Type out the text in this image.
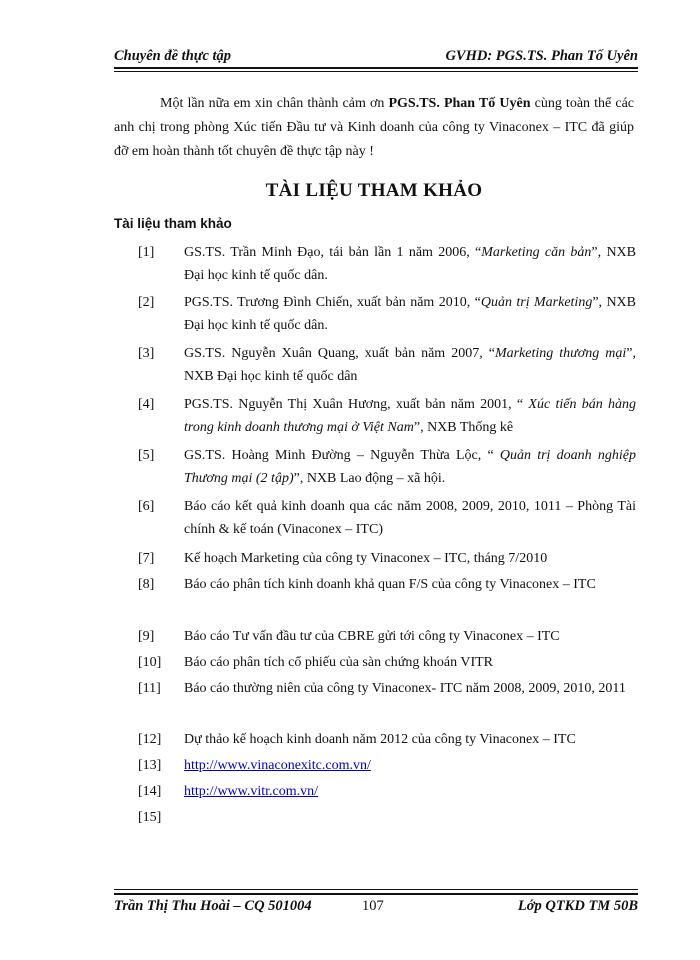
Chuyên đề thực tập	GVHD: PGS.TS. Phan Tố Uyên
Một lần nữa em xin chân thành cảm ơn PGS.TS. Phan Tố Uyên cùng toàn thể các anh chị trong phòng Xúc tiến Đầu tư và Kinh doanh của công ty Vinaconex – ITC đã giúp đỡ em hoàn thành tốt chuyên đề thực tập này !
TÀI LIỆU THAM KHẢO
Tài liệu tham khảo
[1]	GS.TS. Trần Minh Đạo, tái bản lần 1 năm 2006, “Marketing căn bản”, NXB Đại học kinh tế quốc dân.
[2]	PGS.TS. Trương Đình Chiến, xuất bản năm 2010, “Quản trị Marketing”, NXB Đại học kinh tế quốc dân.
[3]	GS.TS. Nguyễn Xuân Quang, xuất bản năm 2007, “Marketing thương mại”, NXB Đại học kinh tế quốc dân
[4]	PGS.TS. Nguyễn Thị Xuân Hương, xuất bản năm 2001, “ Xúc tiến bán hàng trong kinh doanh thương mại ở Việt Nam”, NXB Thống kê
[5]	GS.TS. Hoàng Minh Đường – Nguyễn Thừa Lộc, “ Quản trị doanh nghiệp Thương mại (2 tập)”, NXB Lao động – xã hội.
[6]	Báo cáo kết quả kinh doanh qua các năm 2008, 2009, 2010, 1011 – Phòng Tài chính & kế toán (Vinaconex – ITC)
[7]	Kế hoạch Marketing của công ty Vinaconex – ITC, tháng 7/2010
[8]	Báo cáo phân tích kinh doanh khả quan F/S của công ty Vinaconex – ITC
[9]	Báo cáo Tư vấn đầu tư của CBRE gửi tới công ty Vinaconex – ITC
[10]	Báo cáo phân tích cổ phiếu của sàn chứng khoán VITR
[11]	Báo cáo thường niên của công ty Vinaconex- ITC năm 2008, 2009, 2010, 2011
[12]	Dự thảo kế hoạch kinh doanh năm 2012 của công ty Vinaconex – ITC
[13]	http://www.vinaconexitc.com.vn/
[14]	http://www.vitr.com.vn/
[15]
Trần Thị Thu Hoài – CQ 501004	107	Lớp QTKD TM 50B
